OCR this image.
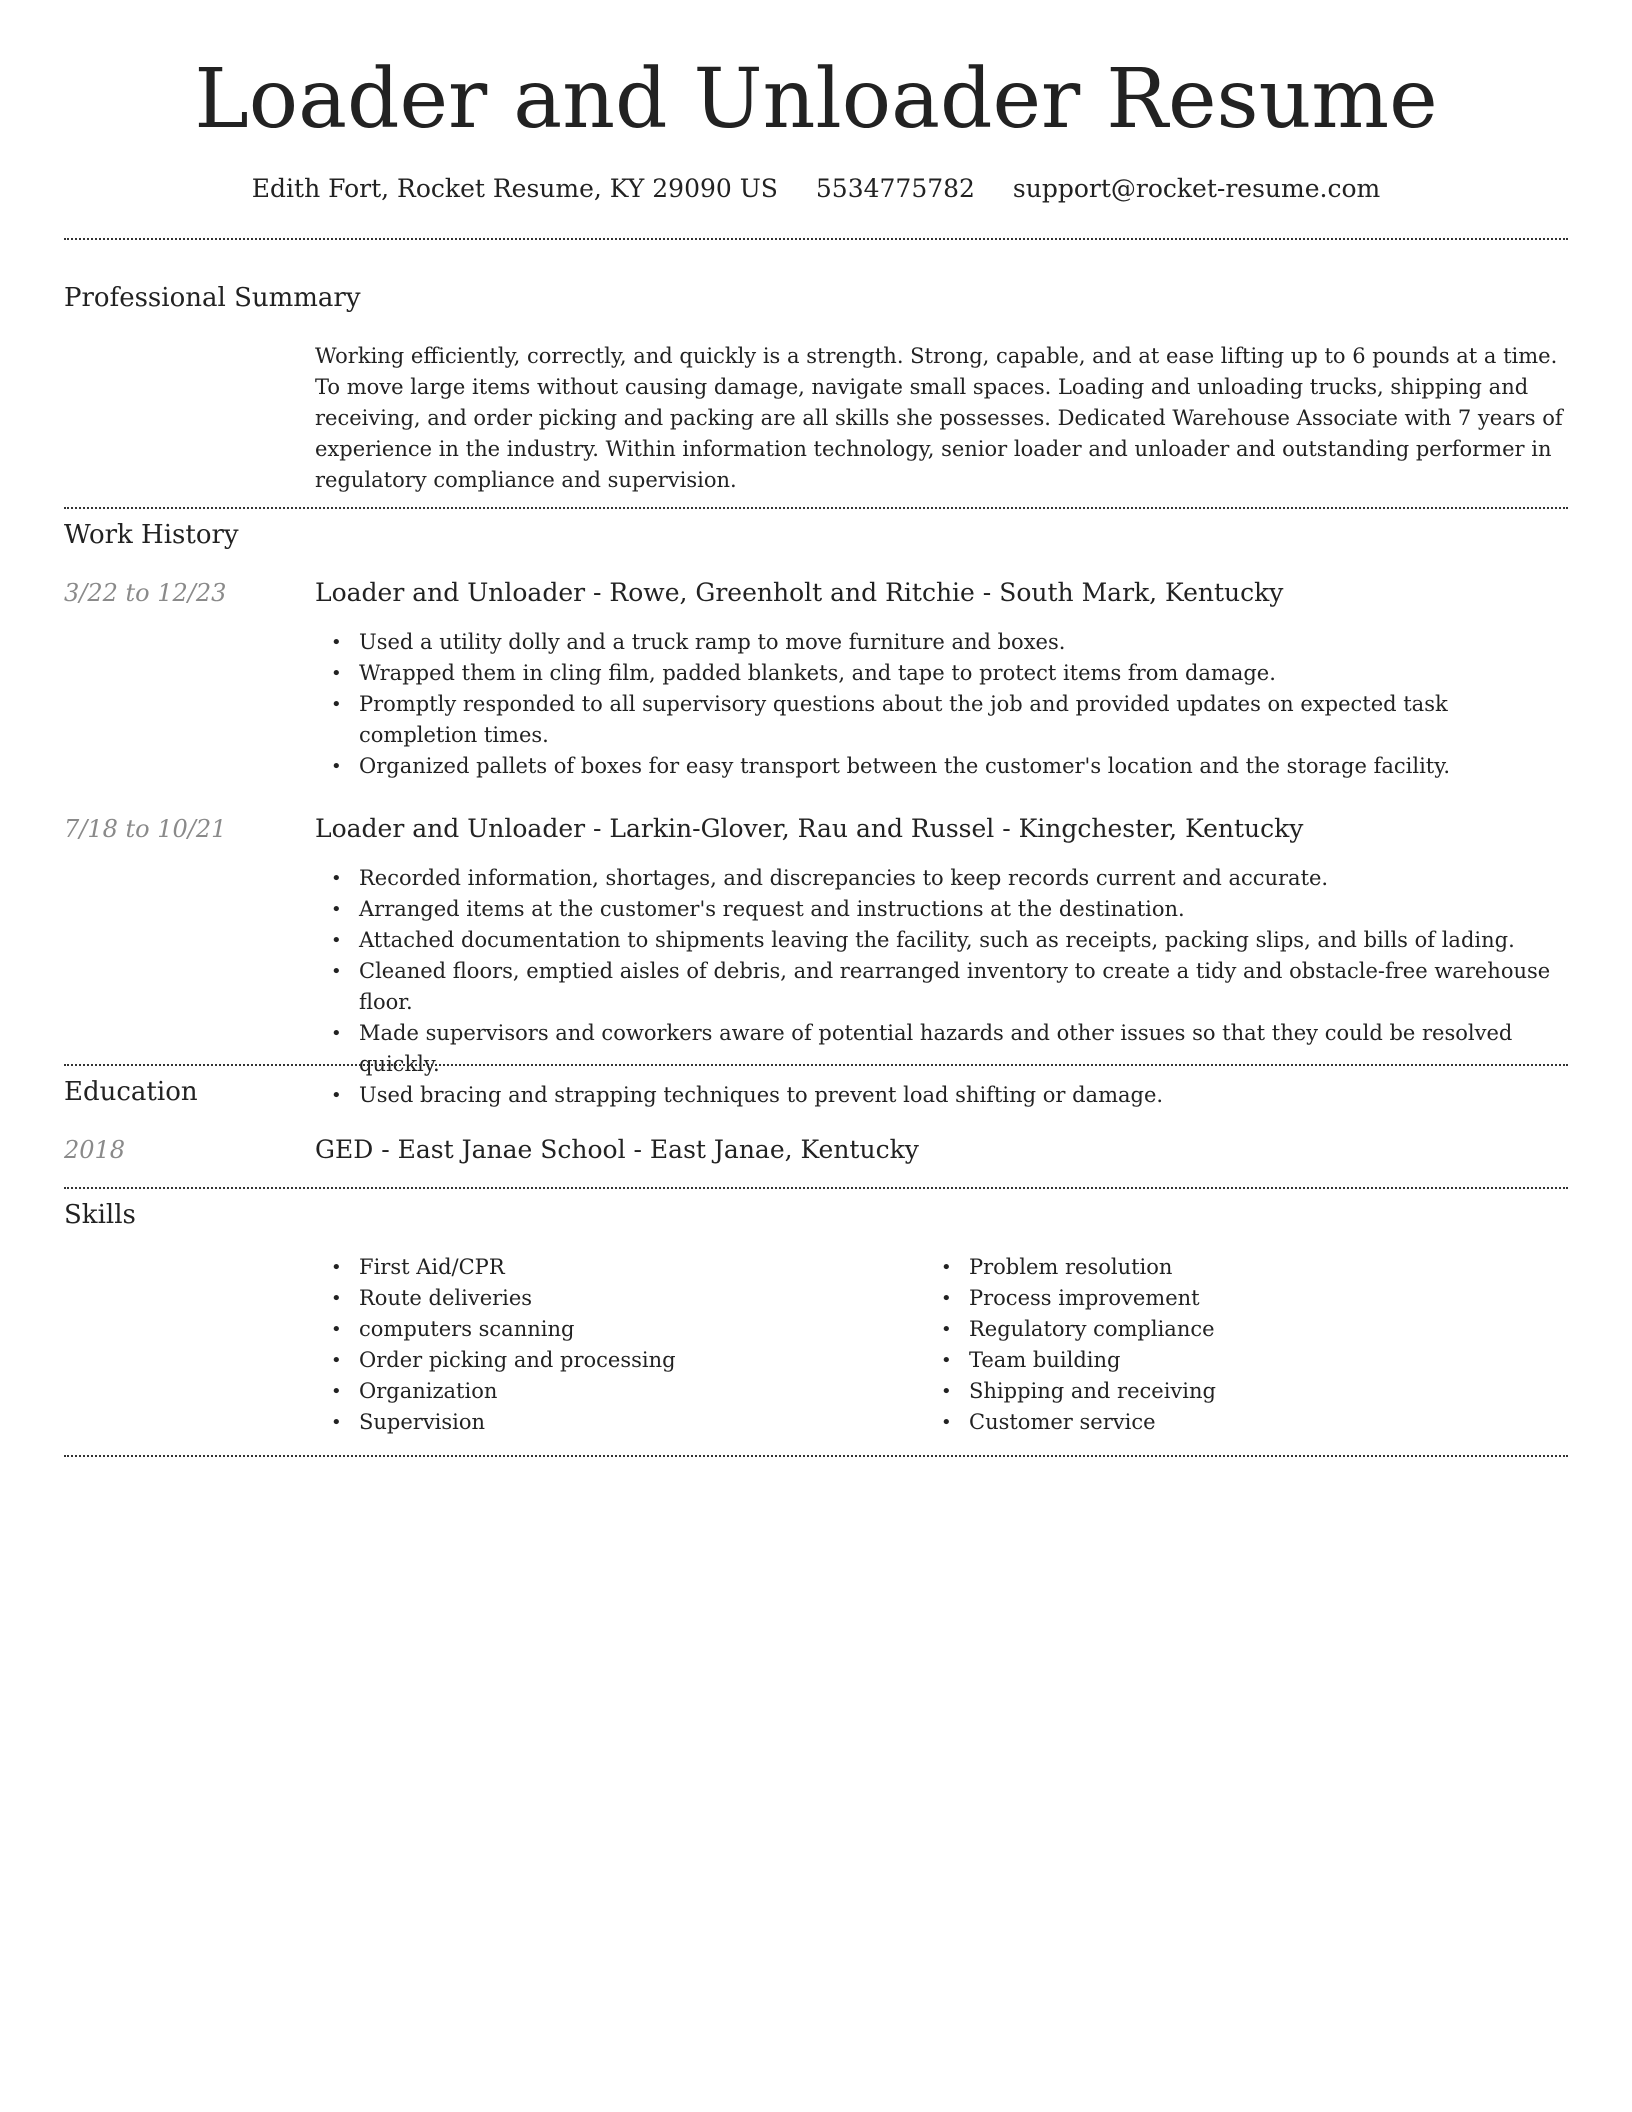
Loader and Unloader Resume
Edith Fort, Rocket Resume, KY 29090 US 5534775782 support@rocket-resume.com
Professional Summary

Working efficiently, correctly, and quickly is a strength. Strong, capable, and at ease lifting up to 6 pounds at a time. To move large items without causing damage, navigate small spaces. Loading and unloading trucks, shipping and receiving, and order picking and packing are all skills she possesses. Dedicated Warehouse Associate with 7 years of experience in the industry. Within information technology, senior loader and unloader and outstanding performer in regulatory compliance and supervision.

Work History
3/22 to 12/23	Loader and Unloader - Rowe, Greenholt and Ritchie - South Mark, Kentucky
• Used a utility dolly and a truck ramp to move furniture and boxes.
• Wrapped them in cling film, padded blankets, and tape to protect items from damage.
• Promptly responded to all supervisory questions about the job and provided updates on expected task completion times.
• Organized pallets of boxes for easy transport between the customer's location and the storage facility.
7/18 to 10/21	Loader and Unloader - Larkin-Glover, Rau and Russel - Kingchester, Kentucky
• Recorded information, shortages, and discrepancies to keep records current and accurate.
• Arranged items at the customer's request and instructions at the destination.
• Attached documentation to shipments leaving the facility, such as receipts, packing slips, and bills of lading.
• Cleaned floors, emptied aisles of debris, and rearranged inventory to create a tidy and obstacle-free warehouse floor.
• Made supervisors and coworkers aware of potential hazards and other issues so that they could be resolved quickly.
• Used bracing and strapping techniques to prevent load shifting or damage.
Education
2018	GED - East Janae School - East Janae, Kentucky
Skills
• First Aid/CPR
• Route deliveries
• computers scanning
• Order picking and processing
• Organization
• Supervision
• Problem resolution
• Process improvement
• Regulatory compliance
• Team building
• Shipping and receiving
• Customer service
